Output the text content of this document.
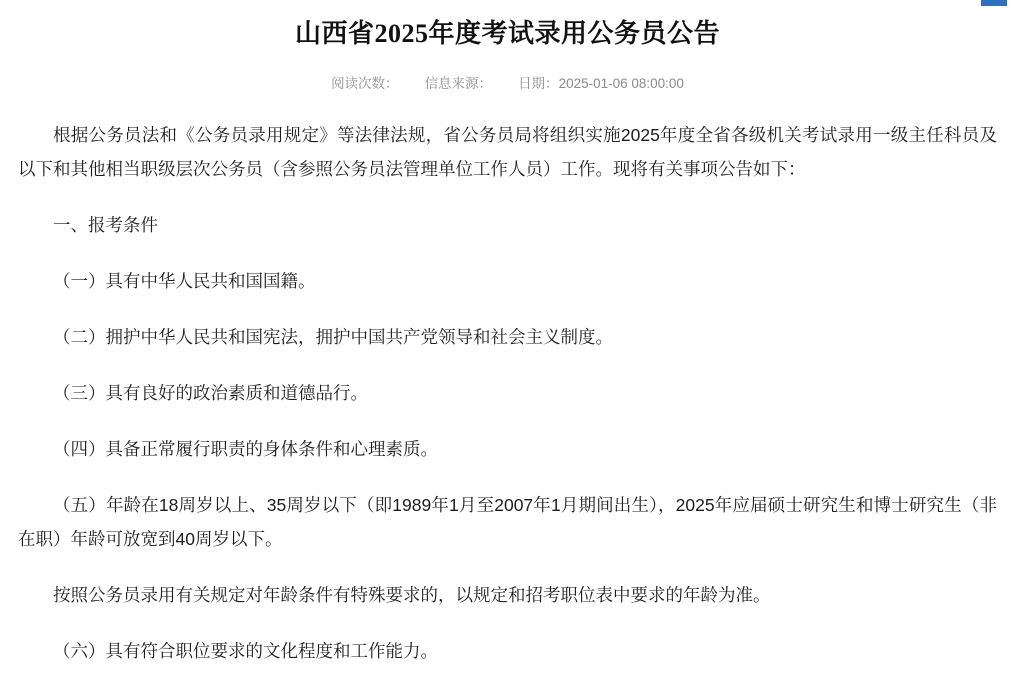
山西省2025年度考试录用公务员公告
阅读次数： 信息来源： 日期：2025-01-06 08:00:00

根据公务员法和《公务员录用规定》等法律法规，省公务员局将组织实施2025年度全省各级机关考试录用一级主任科员及以下和其他相当职级层次公务员（含参照公务员法管理单位工作人员）工作。现将有关事项公告如下：

一、报考条件

（一）具有中华人民共和国国籍。

（二）拥护中华人民共和国宪法，拥护中国共产党领导和社会主义制度。

（三）具有良好的政治素质和道德品行。

（四）具备正常履行职责的身体条件和心理素质。

（五）年龄在18周岁以上、35周岁以下（即1989年1月至2007年1月期间出生），2025年应届硕士研究生和博士研究生（非在职）年龄可放宽到40周岁以下。

按照公务员录用有关规定对年龄条件有特殊要求的，以规定和招考职位表中要求的年龄为准。

（六）具有符合职位要求的文化程度和工作能力。
